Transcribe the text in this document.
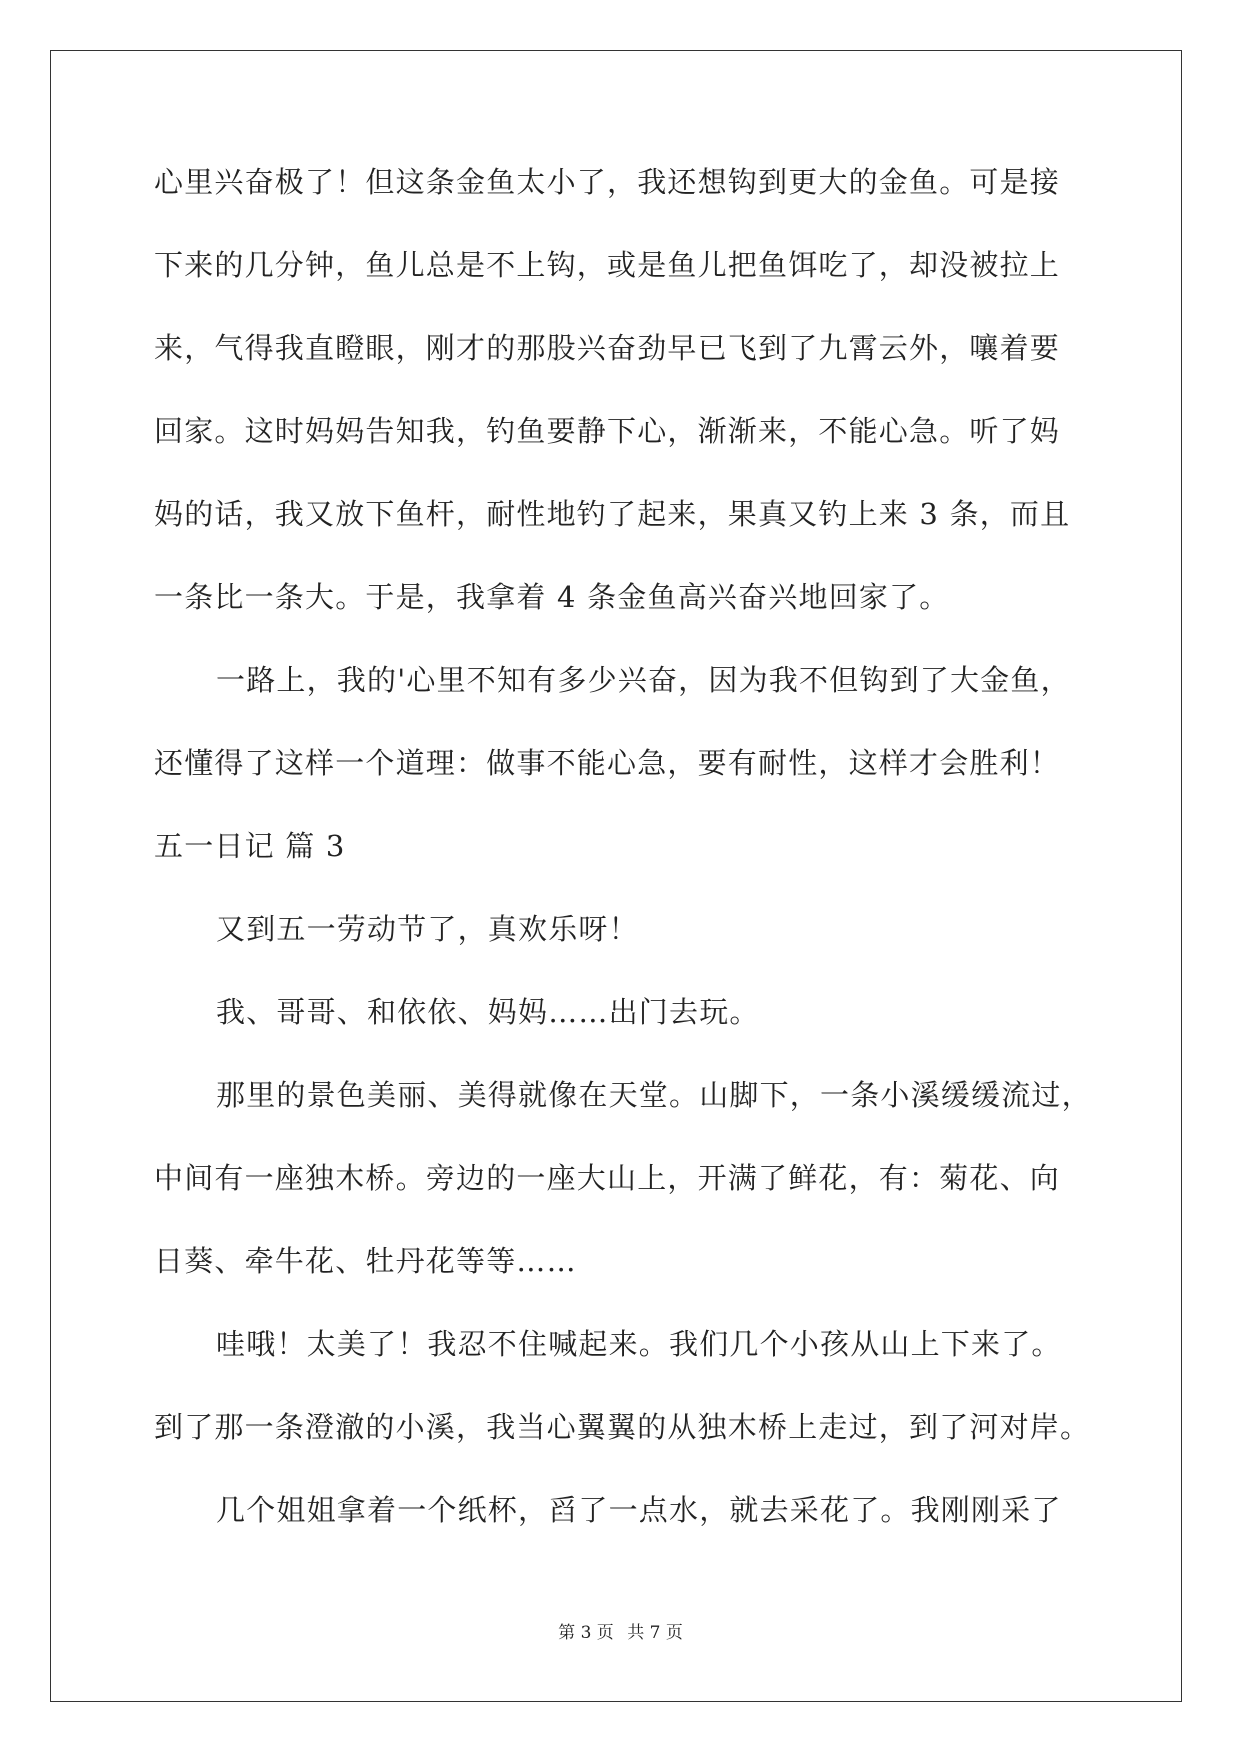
心里兴奋极了！但这条金鱼太小了，我还想钩到更大的金鱼。可是接
下来的几分钟，鱼儿总是不上钩，或是鱼儿把鱼饵吃了，却没被拉上
来，气得我直瞪眼，刚才的那股兴奋劲早已飞到了九霄云外，嚷着要
回家。这时妈妈告知我，钓鱼要静下心，渐渐来，不能心急。听了妈
妈的话，我又放下鱼杆，耐性地钓了起来，果真又钓上来 3 条，而且
一条比一条大。于是，我拿着 4 条金鱼高兴奋兴地回家了。
一路上，我的'心里不知有多少兴奋，因为我不但钩到了大金鱼，
还懂得了这样一个道理：做事不能心急，要有耐性，这样才会胜利！
五一日记 篇 3
又到五一劳动节了，真欢乐呀！
我、哥哥、和依依、妈妈……出门去玩。
那里的景色美丽、美得就像在天堂。山脚下，一条小溪缓缓流过，
中间有一座独木桥。旁边的一座大山上，开满了鲜花，有：菊花、向
日葵、牵牛花、牡丹花等等……
哇哦！太美了！我忍不住喊起来。我们几个小孩从山上下来了。
到了那一条澄澈的小溪，我当心翼翼的从独木桥上走过，到了河对岸。
几个姐姐拿着一个纸杯，舀了一点水，就去采花了。我刚刚采了
第 3 页 共 7 页
